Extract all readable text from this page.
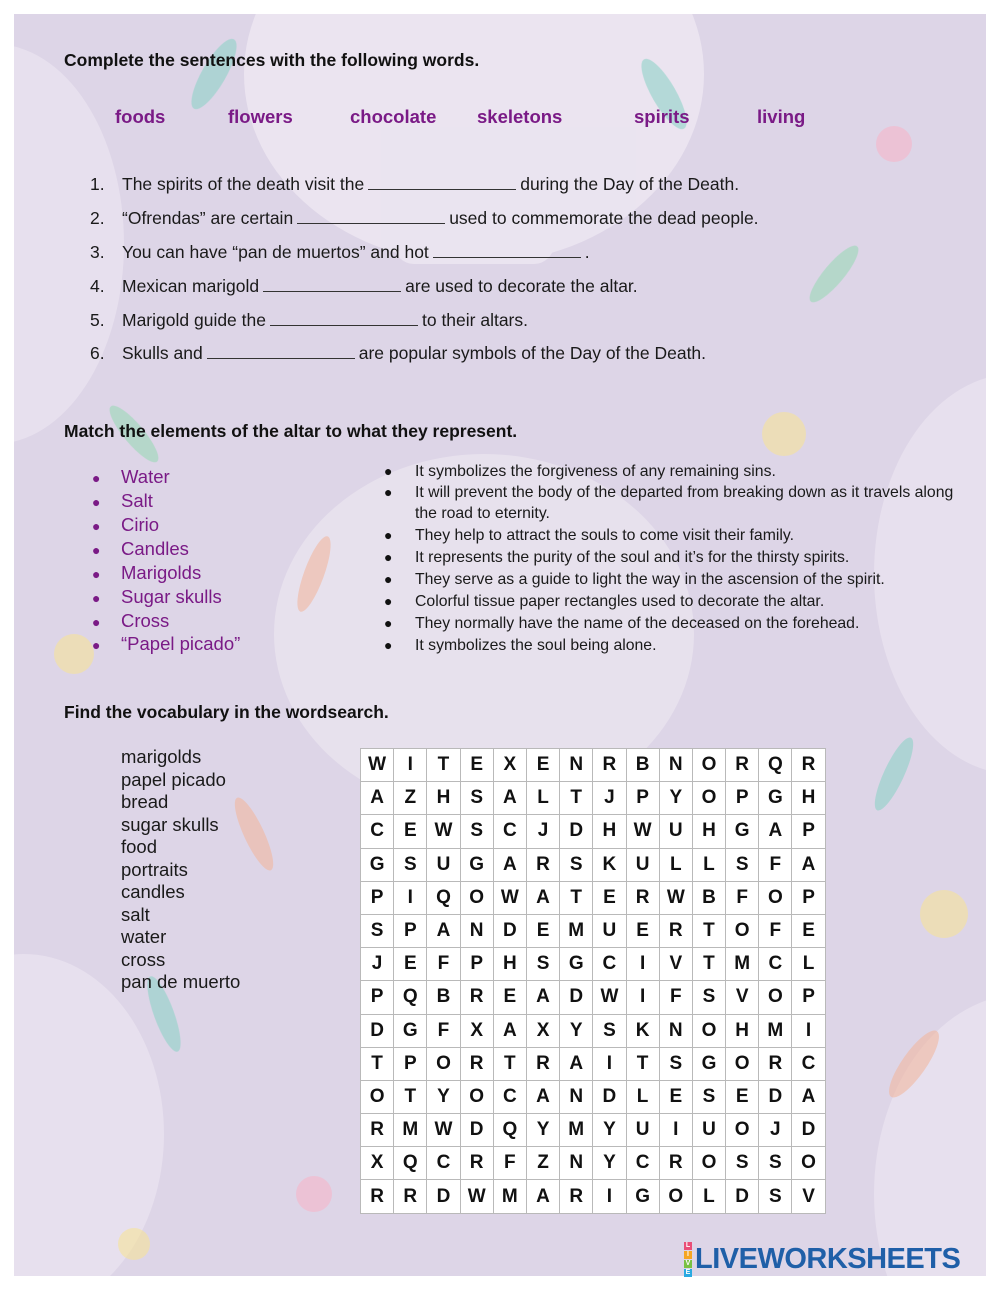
Complete the sentences with the following words.
foods	flowers	chocolate skeletons	spirits	living
1. The spirits of the death visit the	during the Day of the Death.
2. “Ofrendas” are certain	used to commemorate the dead people.
3. You can have “pan de muertos” and hot	.
4. Mexican marigold	are used to decorate the altar.
5. Marigold guide the	to their altars.
6. Skulls and	are popular symbols of the Day of the Death.
Match the elements of the altar to what they represent.
● Water
● Salt
● Cirio
● Candles
● Marigolds
● Sugar skulls
● Cross
● “Papel picado”
●	It symbolizes the forgiveness of any remaining sins.
●	It will prevent the body of the departed from breaking down as it travels along the road to eternity.
●	They help to attract the souls to come visit their family.
●	It represents the purity of the soul and it’s for the thirsty spirits.
●	They serve as a guide to light the way in the ascension of the spirit.
●	Colorful tissue paper rectangles used to decorate the altar.
●	They normally have the name of the deceased on the forehead.
●	It symbolizes the soul being alone.
Find the vocabulary in the wordsearch.
marigolds
papel picado
bread
sugar skulls
food
portraits
candles
salt
water
cross
pan de muerto
W	I	T	E	X	E	N	R	B	N	O	R	Q	R
A	Z	H	S	A	L	T	J	P	Y	O	P	G	H
C	E	W	S	C	J	D	H	W	U	H	G	A	P
G	S	U	G	A	R	S	K	U	L	L	S	F	A
P	I	Q	O	W	A	T	E	R	W	B	F	O	P
S	P	A	N	D	E	M	U	E	R	T	O	F	E
J	E	F	P	H	S	G	C	I	V	T	M	C	L
P	Q	B	R	E	A	D	W	I	F	S	V	O	P
D	G	F	X	A	X	Y	S	K	N	O	H	M	I
T	P	O	R	T	R	A	I	T	S	G	O	R	C
O	T	Y	O	C	A	N	D	L	E	S	E	D	A
R	M	W	D	Q	Y	M	Y	U	I	U	O	J	D
X	Q	C	R	F	Z	N	Y	C	R	O	S	S	O
R	R	D	W	M	A	R	I	G	O	L	D	S	V
L
I
V
E LIVEWORKSHEETS
